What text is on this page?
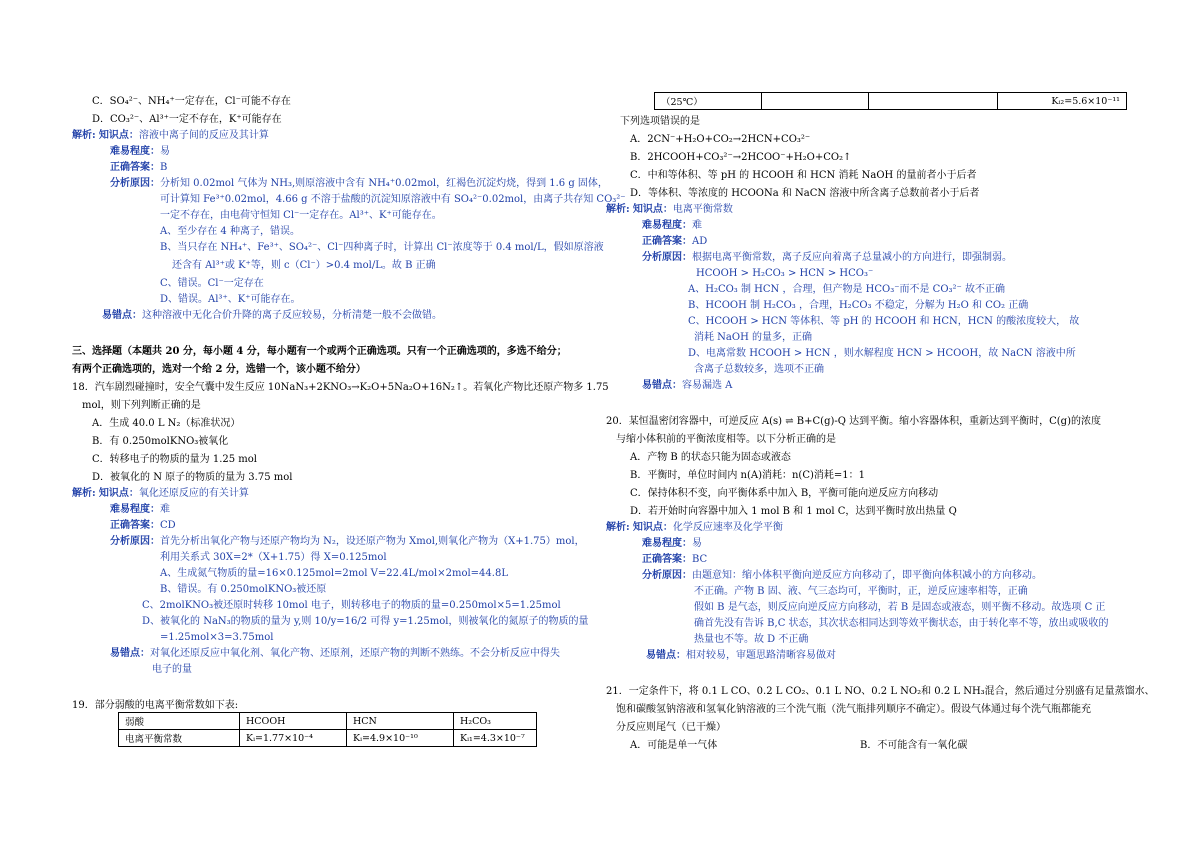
C．SO₄²⁻、NH₄⁺一定存在，Cl⁻可能不存在
D．CO₃²⁻、Al³⁺一定不存在，K⁺可能存在
解析: 知识点：溶液中离子间的反应及其计算
难易程度：易
正确答案：B
分析原因：分析知 0.02mol 气体为 NH₃,则原溶液中含有 NH₄⁺0.02mol，红褐色沉淀灼烧，得到 1.6 g 固体，
可计算知 Fe³⁺0.02mol，4.66 g 不溶于盐酸的沉淀知原溶液中有 SO₄²⁻0.02mol，由离子共存知 CO₃²⁻
一定不存在，由电荷守恒知 Cl⁻一定存在。Al³⁺、K⁺可能存在。
A、至少存在 4 种离子，错误。
B、当只存在 NH₄⁺、Fe³⁺、SO₄²⁻、Cl⁻四种离子时，计算出 Cl⁻浓度等于 0.4 mol/L，假如原溶液
还含有 Al³⁺或 K⁺等，则 c（Cl⁻）>0.4 mol/L。故 B 正确
C、错误。Cl⁻一定存在
D、错误。Al³⁺、K⁺可能存在。
易错点：这种溶液中无化合价升降的离子反应较易，分析清楚一般不会做错。
三、选择题（本题共 20 分，每小题 4 分，每小题有一个或两个正确选项。只有一个正确选项的，多选不给分；
有两个正确选项的，选对一个给 2 分，选错一个，该小题不给分）
18．汽车剧烈碰撞时，安全气囊中发生反应 10NaN₃+2KNO₃→K₂O+5Na₂O+16N₂↑。若氧化产物比还原产物多 1.75
mol，则下列判断正确的是
A．生成 40.0 L N₂（标准状况）
B．有 0.250molKNO₃被氧化
C．转移电子的物质的量为 1.25 mol
D．被氧化的 N 原子的物质的量为 3.75 mol
解析: 知识点：氧化还原反应的有关计算
难易程度：难
正确答案：CD
分析原因：首先分析出氧化产物与还原产物均为 N₂，设还原产物为 Xmol,则氧化产物为（X+1.75）mol，
利用关系式 30X=2*（X+1.75）得 X=0.125mol
A、生成氮气物质的量=16×0.125mol=2mol V=22.4L/mol×2mol=44.8L
B、错误。有 0.250molKNO₃被还原
C、2molKNO₃被还原时转移 10mol 电子，则转移电子的物质的量=0.250mol×5=1.25mol
D、被氧化的 NaN₃的物质的量为 y,则 10/y=16/2 可得 y=1.25mol，则被氧化的氮原子的物质的量
=1.25mol×3=3.75mol
易错点：对氧化还原反应中氧化剂、氧化产物、还原剂，还原产物的判断不熟练。不会分析反应中得失
电子的量
19．部分弱酸的电离平衡常数如下表:
弱酸	HCOOH	HCN	H₂CO₃
电离平衡常数	Kᵢ=1.77×10⁻⁴	Kᵢ=4.9×10⁻¹⁰	Kᵢ₁=4.3×10⁻⁷
（25℃）			Kᵢ₂=5.6×10⁻¹¹
下列选项错误的是
A．2CN⁻+H₂O+CO₂→2HCN+CO₃²⁻
B．2HCOOH+CO₃²⁻→2HCOO⁻+H₂O+CO₂↑
C．中和等体积、等 pH 的 HCOOH 和 HCN 消耗 NaOH 的量前者小于后者
D．等体积、等浓度的 HCOONa 和 NaCN 溶液中所含离子总数前者小于后者
解析: 知识点：电离平衡常数
难易程度：难
正确答案：AD
分析原因：根据电离平衡常数，离子反应向着离子总量减小的方向进行，即强制弱。
HCOOH > H₂CO₃ > HCN > HCO₃⁻
A、H₂CO₃ 制 HCN ，合理，但产物是 HCO₃⁻而不是 CO₃²⁻ 故不正确
B、HCOOH 制 H₂CO₃ ，合理，H₂CO₃ 不稳定，分解为 H₂O 和 CO₂ 正确
C、HCOOH > HCN 等体积、等 pH 的 HCOOH 和 HCN，HCN 的酸浓度较大， 故
消耗 NaOH 的量多，正确
D、电离常数 HCOOH > HCN ，则水解程度 HCN > HCOOH，故 NaCN 溶液中所
含离子总数较多，选项不正确
易错点：容易漏选 A
20．某恒温密闭容器中，可逆反应 A(s) ⇌ B+C(g)-Q 达到平衡。缩小容器体积，重新达到平衡时，C(g)的浓度
与缩小体积前的平衡浓度相等。以下分析正确的是
A．产物 B 的状态只能为固态或液态
B．平衡时，单位时间内 n(A)消耗：n(C)消耗=1：1
C．保持体积不变，向平衡体系中加入 B，平衡可能向逆反应方向移动
D．若开始时向容器中加入 1 mol B 和 1 mol C，达到平衡时放出热量 Q
解析: 知识点：化学反应速率及化学平衡
难易程度：易
正确答案：BC
分析原因：由题意知：缩小体积平衡向逆反应方向移动了，即平衡向体积减小的方向移动。
不正确。产物 B 固、液、气三态均可，平衡时，正，逆反应速率相等，正确
假如 B 是气态，则反应向逆反应方向移动，若 B 是固态或液态，则平衡不移动。故选项 C 正
确首先没有告诉 B,C 状态，其次状态相同达到等效平衡状态，由于转化率不等，放出或吸收的
热量也不等。故 D 不正确
易错点：相对较易，审题思路清晰容易做对
21．一定条件下，将 0.1 L CO、0.2 L CO₂、0.1 L NO、0.2 L NO₂和 0.2 L NH₃混合，然后通过分别盛有足量蒸馏水、
饱和碳酸氢钠溶液和氢氧化钠溶液的三个洗气瓶（洗气瓶排列顺序不确定）。假设气体通过每个洗气瓶都能充
分反应则尾气（已干燥）
A．可能是单一气体	B．不可能含有一氧化碳
